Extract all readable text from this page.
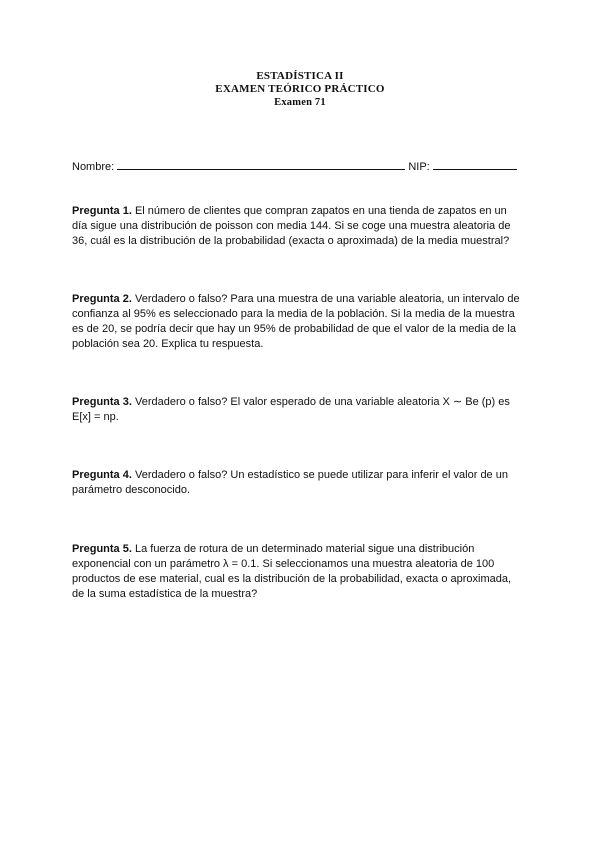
ESTADÍSTICA II
EXAMEN TEÓRICO PRÁCTICO
Examen 71
Nombre:	NIP:
Pregunta 1. El número de clientes que compran zapatos en una tienda de zapatos en un
día sigue una distribución de poisson con media 144. Si se coge una muestra aleatoria de
36, cuál es la distribución de la probabilidad (exacta o aproximada) de la media muestral?
Pregunta 2. Verdadero o falso? Para una muestra de una variable aleatoria, un intervalo de
confianza al 95% es seleccionado para la media de la población. Si la media de la muestra
es de 20, se podría decir que hay un 95% de probabilidad de que el valor de la media de la
población sea 20. Explica tu respuesta.
Pregunta 3. Verdadero o falso? El valor esperado de una variable aleatoria X ∼ Be (p) es
E[x] = np.
Pregunta 4. Verdadero o falso? Un estadístico se puede utilizar para inferir el valor de un
parámetro desconocido.
Pregunta 5. La fuerza de rotura de un determinado material sigue una distribución
exponencial con un parámetro λ = 0.1. Si seleccionamos una muestra aleatoria de 100
productos de ese material, cual es la distribución de la probabilidad, exacta o aproximada,
de la suma estadística de la muestra?
